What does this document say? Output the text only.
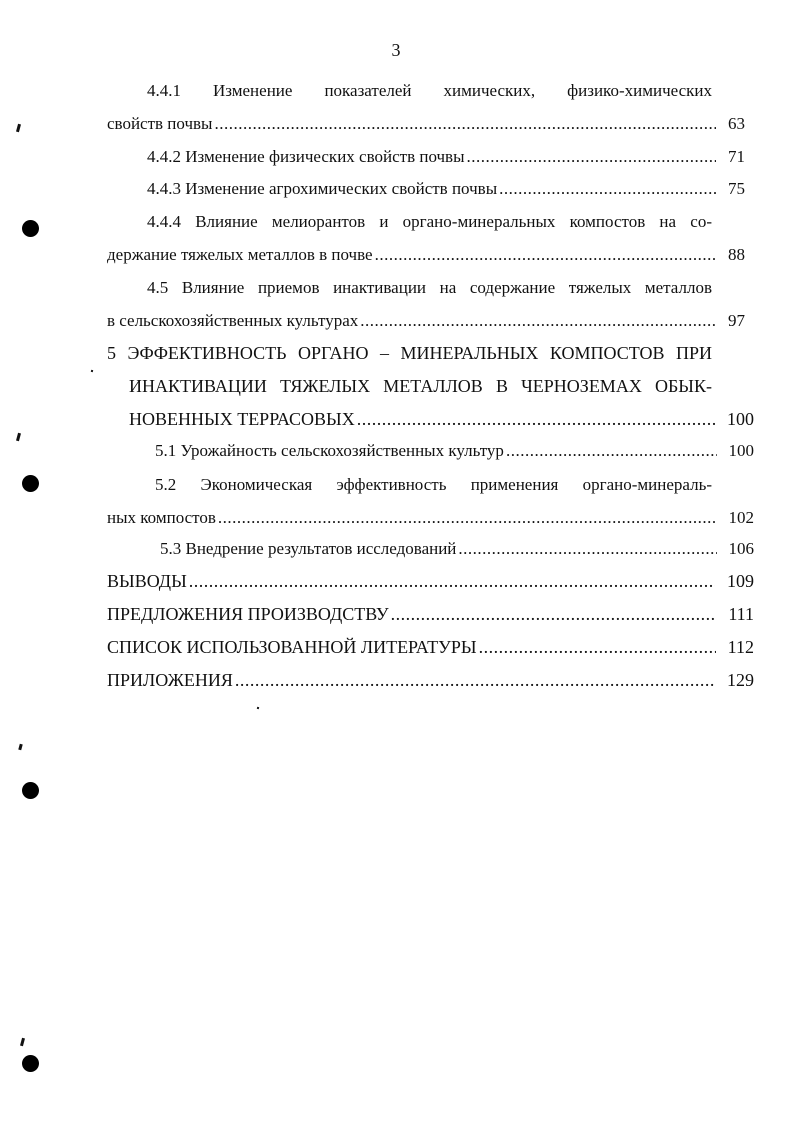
3
4.4.1 Изменение показателей химических, физико-химических
свойств почвы .....	63
4.4.2 Изменение физических свойств почвы .....	71
4.4.3 Изменение агрохимических свойств почвы .....	75
4.4.4 Влияние мелиорантов и органо-минеральных компостов на со-
держание тяжелых металлов в почве .....	88
4.5 Влияние приемов инактивации на содержание тяжелых металлов
в сельскохозяйственных культурах .....	97
5 ЭФФЕКТИВНОСТЬ ОРГАНО – МИНЕРАЛЬНЫХ КОМПОСТОВ ПРИ
ИНАКТИВАЦИИ ТЯЖЕЛЫХ МЕТАЛЛОВ В ЧЕРНОЗЕМАХ ОБЫК-
НОВЕННЫХ ТЕРРАСОВЫХ .....	100
5.1 Урожайность сельскохозяйственных культур .....	100
5.2 Экономическая эффективность применения органо-минераль-
ных компостов .....	102
5.3 Внедрение результатов исследований .....	106
ВЫВОДЫ .....	109
ПРЕДЛОЖЕНИЯ ПРОИЗВОДСТВУ .....	111
СПИСОК ИСПОЛЬЗОВАННОЙ ЛИТЕРАТУРЫ .....	112
ПРИЛОЖЕНИЯ .....	129
